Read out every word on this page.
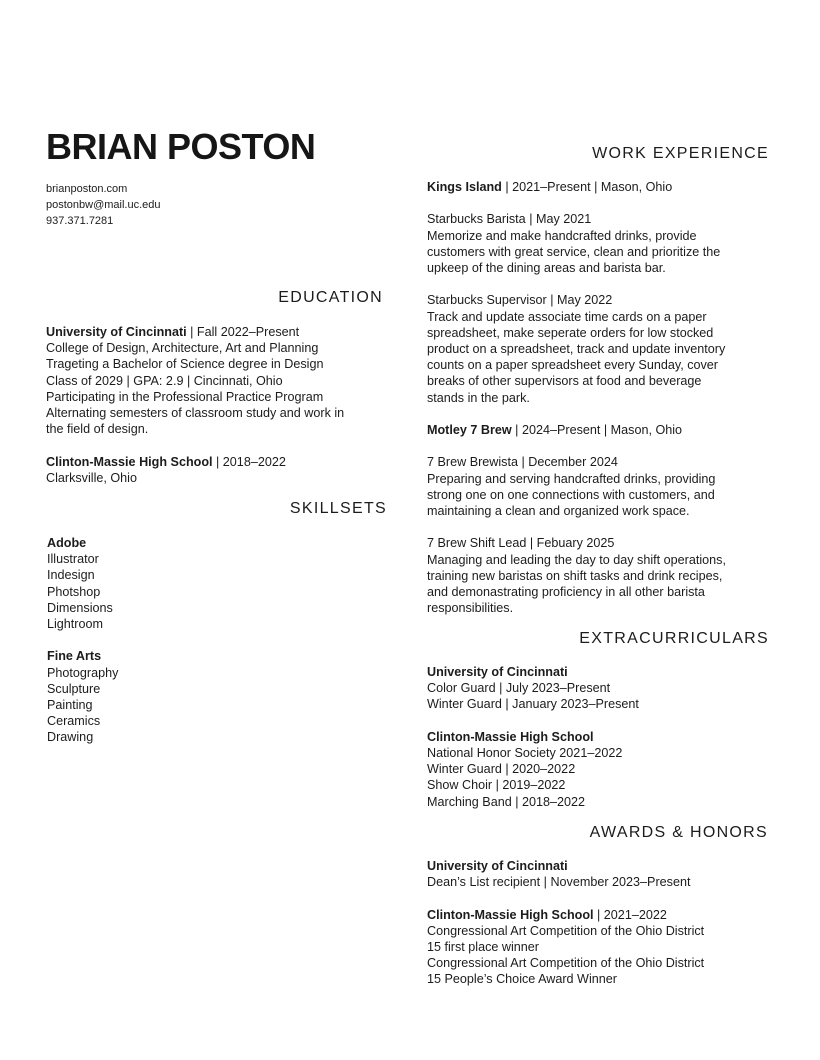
BRIAN POSTON
brianposton.com
postonbw@mail.uc.edu
937.371.7281
EDUCATION
University of Cincinnati | Fall 2022–Present
College of Design, Architecture, Art and Planning
Trageting a Bachelor of Science degree in Design
Class of 2029 | GPA: 2.9 | Cincinnati, Ohio
Participating in the Professional Practice Program
Alternating semesters of classroom study and work in
the field of design.
Clinton-Massie High School | 2018–2022
Clarksville, Ohio
SKILLSETS
Adobe
Illustrator
Indesign
Photshop
Dimensions
Lightroom
Fine Arts
Photography
Sculpture
Painting
Ceramics
Drawing
WORK EXPERIENCE
Kings Island | 2021–Present | Mason, Ohio
Starbucks Barista | May 2021
Memorize and make handcrafted drinks, provide
customers with great service, clean and prioritize the
upkeep of the dining areas and barista bar.
Starbucks Supervisor | May 2022
Track and update associate time cards on a paper
spreadsheet, make seperate orders for low stocked
product on a spreadsheet, track and update inventory
counts on a paper spreadsheet every Sunday, cover
breaks of other supervisors at food and beverage
stands in the park.
Motley 7 Brew | 2024–Present | Mason, Ohio
7 Brew Brewista | December 2024
Preparing and serving handcrafted drinks, providing
strong one on one connections with customers, and
maintaining a clean and organized work space.
7 Brew Shift Lead | Febuary 2025
Managing and leading the day to day shift operations,
training new baristas on shift tasks and drink recipes,
and demonastrating proficiency in all other barista
responsibilities.
EXTRACURRICULARS
University of Cincinnati
Color Guard | July 2023–Present
Winter Guard | January 2023–Present
Clinton-Massie High School
National Honor Society 2021–2022
Winter Guard | 2020–2022
Show Choir | 2019–2022
Marching Band | 2018–2022
AWARDS & HONORS
University of Cincinnati
Dean’s List recipient | November 2023–Present
Clinton-Massie High School | 2021–2022
Congressional Art Competition of the Ohio District
15 first place winner
Congressional Art Competition of the Ohio District
15 People’s Choice Award Winner
